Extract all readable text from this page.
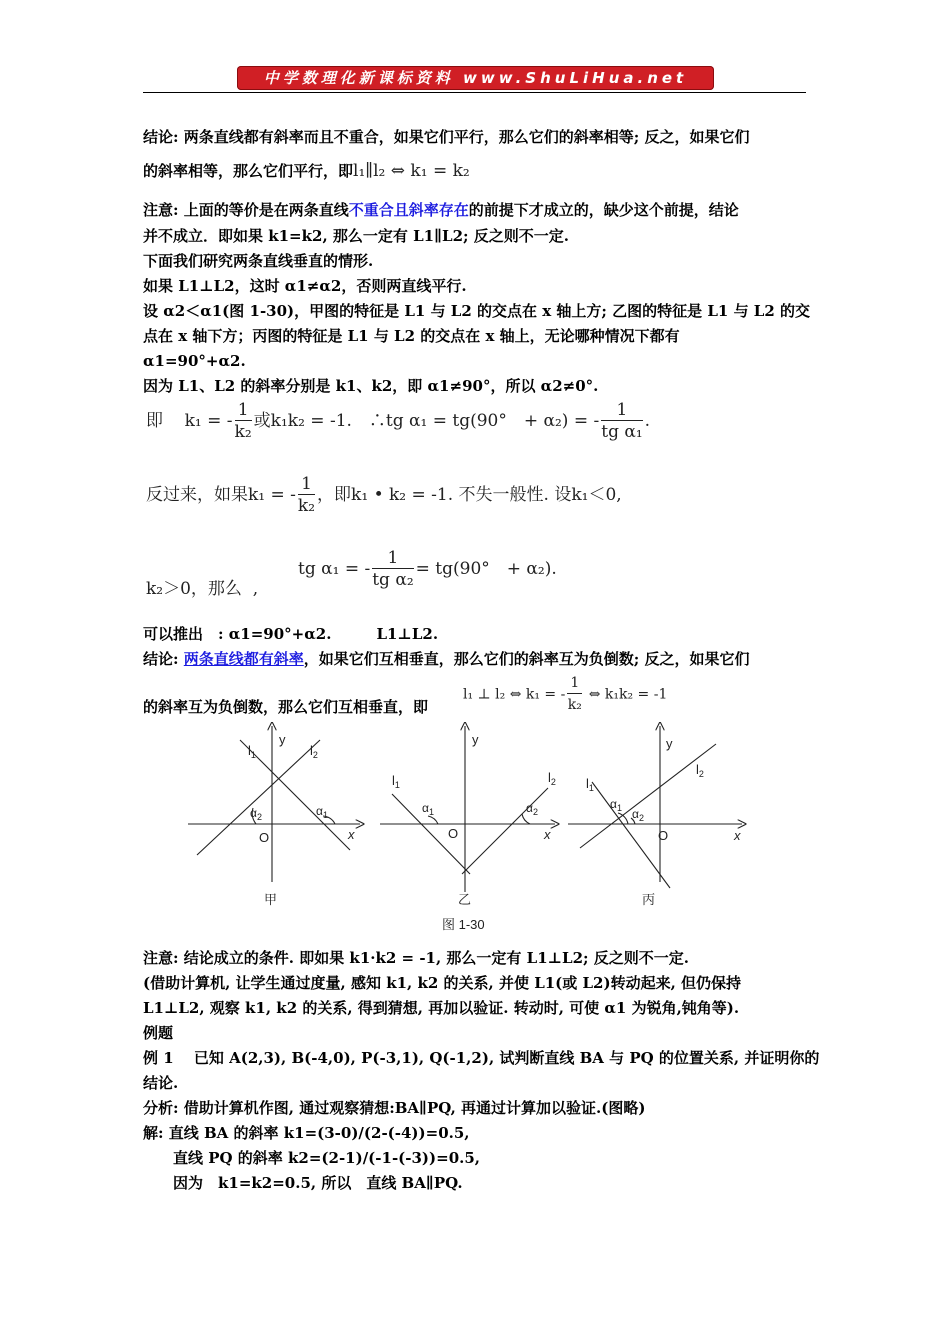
中学数理化新课标资料 www.ShuLiHua.net
结论: 两条直线都有斜率而且不重合，如果它们平行，那么它们的斜率相等; 反之，如果它们
的斜率相等，那么它们平行，即l₁∥l₂ ⇔ k₁ = k₂
注意: 上面的等价是在两条直线不重合且斜率存在的前提下才成立的，缺少这个前提，结论
并不成立．即如果 k1=k2, 那么一定有 L1∥L2; 反之则不一定.
下面我们研究两条直线垂直的情形.
如果 L1⊥L2，这时 α1≠α2，否则两直线平行.
设 α2＜α1(图 1-30)，甲图的特征是 L1 与 L2 的交点在 x 轴上方; 乙图的特征是 L1 与 L2 的交
点在 x 轴下方；丙图的特征是 L1 与 L2 的交点在 x 轴上，无论哪种情况下都有
α1=90°+α2.
因为 L1、L2 的斜率分别是 k1、k2，即 α1≠90°，所以 α2≠0°.
即 k₁ = - $\frac{1}{\text{k₂}}$ 或k₁k₂ = -1.　∴tg α₁ = tg(90°　+ α₂) = - $\frac{1}{\text{tg α₁}}$ .
反过来，如果k₁ = - $\frac{1}{\text{k₂}}$ ，即k₁ • k₂ = -1. 不失一般性. 设k₁＜0,
k₂＞0，那么 ,
tg α₁ = - $\frac{1}{\text{tg α₂}} = tg(90^\circ$　+ α₂).
可以推出　: α1=90°+α2.　　　L1⊥L2.
结论: 两条直线都有斜率，如果它们互相垂直，那么它们的斜率互为负倒数; 反之，如果它们
的斜率互为负倒数，那么它们互相垂直，即
l₁ ⊥ l₂ ⇔ k₁ = - $\frac{1}{\text{k₂}}$ ⇔ k₁k₂ = -1
$l_1$	$l_2$
y
x
O
$\alpha_2$	$\alpha_1$
甲
$l_1$	$l_2$
y
x
O
$\alpha_1$	$\alpha_2$
乙
$l_1$
$l_2$
y
x
O
$\alpha_1$ $\alpha_2$
丙
图 1-30
注意: 结论成立的条件. 即如果 k1·k2 = -1, 那么一定有 L1⊥L2; 反之则不一定.
(借助计算机, 让学生通过度量, 感知 k1, k2 的关系, 并使 L1(或 L2)转动起来, 但仍保持
L1⊥L2, 观察 k1, k2 的关系, 得到猜想, 再加以验证. 转动时, 可使 α1 为锐角,钝角等).
例题
例 1　 已知 A(2,3), B(-4,0), P(-3,1), Q(-1,2), 试判断直线 BA 与 PQ 的位置关系, 并证明你的
结论.
分析: 借助计算机作图, 通过观察猜想:BA∥PQ, 再通过计算加以验证.(图略)
解: 直线 BA 的斜率 k1=(3-0)/(2-(-4))=0.5,
　　直线 PQ 的斜率 k2=(2-1)/(-1-(-3))=0.5,
　　因为　k1=k2=0.5, 所以　直线 BA∥PQ.
